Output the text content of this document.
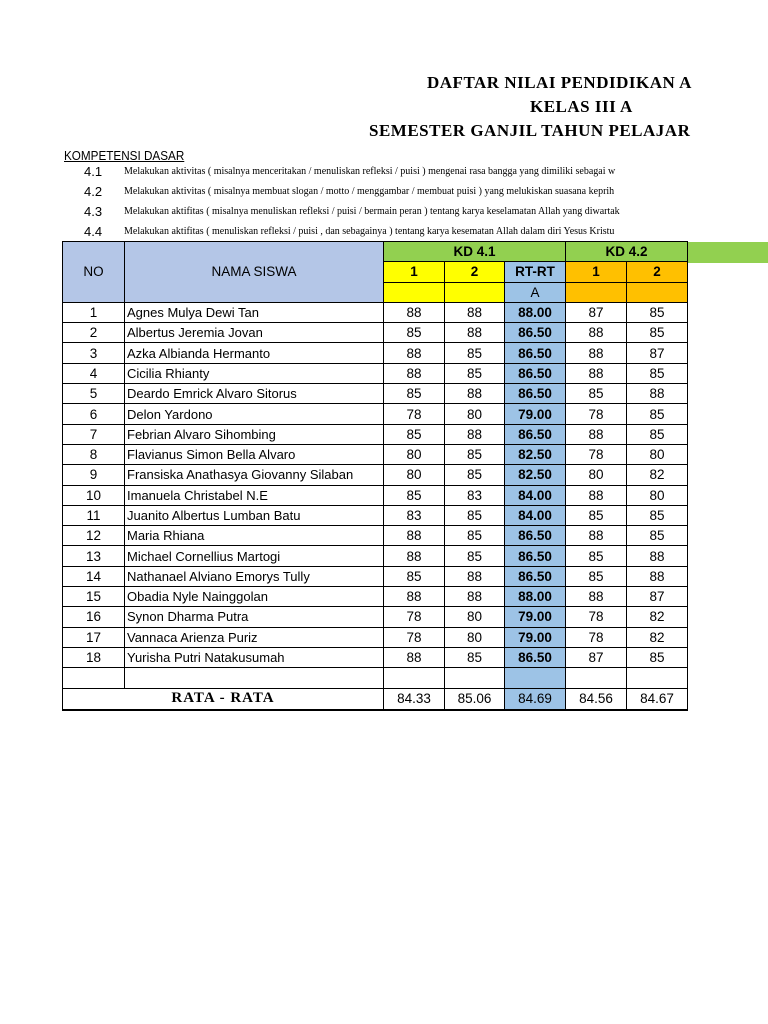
DAFTAR NILAI PENDIDIKAN A
KELAS III A
SEMESTER GANJIL TAHUN PELAJAR
KOMPETENSI DASAR
4.1 Melakukan aktivitas ( misalnya menceritakan / menuliskan refleksi / puisi ) mengenai rasa bangga yang dimiliki sebagai w
4.2 Melakukan aktivitas ( misalnya membuat slogan / motto / menggambar / membuat puisi ) yang melukiskan suasana keprih
4.3 Melakukan aktifitas ( misalnya menuliskan refleksi / puisi / bermain peran ) tentang karya keselamatan Allah yang diwartak
4.4 Melakukan aktifitas ( menuliskan refleksi / puisi , dan sebagainya ) tentang karya kesematan Allah dalam diri Yesus Kristu
NO	NAMA SISWA	KD 4.1			KD 4.2	
		1	2	RT-RT	1	2
				A		
1	Agnes Mulya Dewi Tan	88	88	88.00	87	85
2	Albertus Jeremia Jovan	85	88	86.50	88	85
3	Azka Albianda Hermanto	88	85	86.50	88	87
4	Cicilia Rhianty	88	85	86.50	88	85
5	Deardo Emrick Alvaro Sitorus	85	88	86.50	85	88
6	Delon Yardono	78	80	79.00	78	85
7	Febrian Alvaro Sihombing	85	88	86.50	88	85
8	Flavianus Simon Bella Alvaro	80	85	82.50	78	80
9	Fransiska Anathasya Giovanny Silaban	80	85	82.50	80	82
10	Imanuela Christabel N.E	85	83	84.00	88	80
11	Juanito Albertus Lumban Batu	83	85	84.00	85	85
12	Maria Rhiana	88	85	86.50	88	85
13	Michael Cornellius Martogi	88	85	86.50	85	88
14	Nathanael Alviano Emorys Tully	85	88	86.50	85	88
15	Obadia Nyle Nainggolan	88	88	88.00	88	87
16	Synon Dharma Putra	78	80	79.00	78	82
17	Vannaca Arienza Puriz	78	80	79.00	78	82
18	Yurisha Putri Natakusumah	88	85	86.50	87	85

RATA - RATA		84.33	85.06	84.69	84.56	84.67
